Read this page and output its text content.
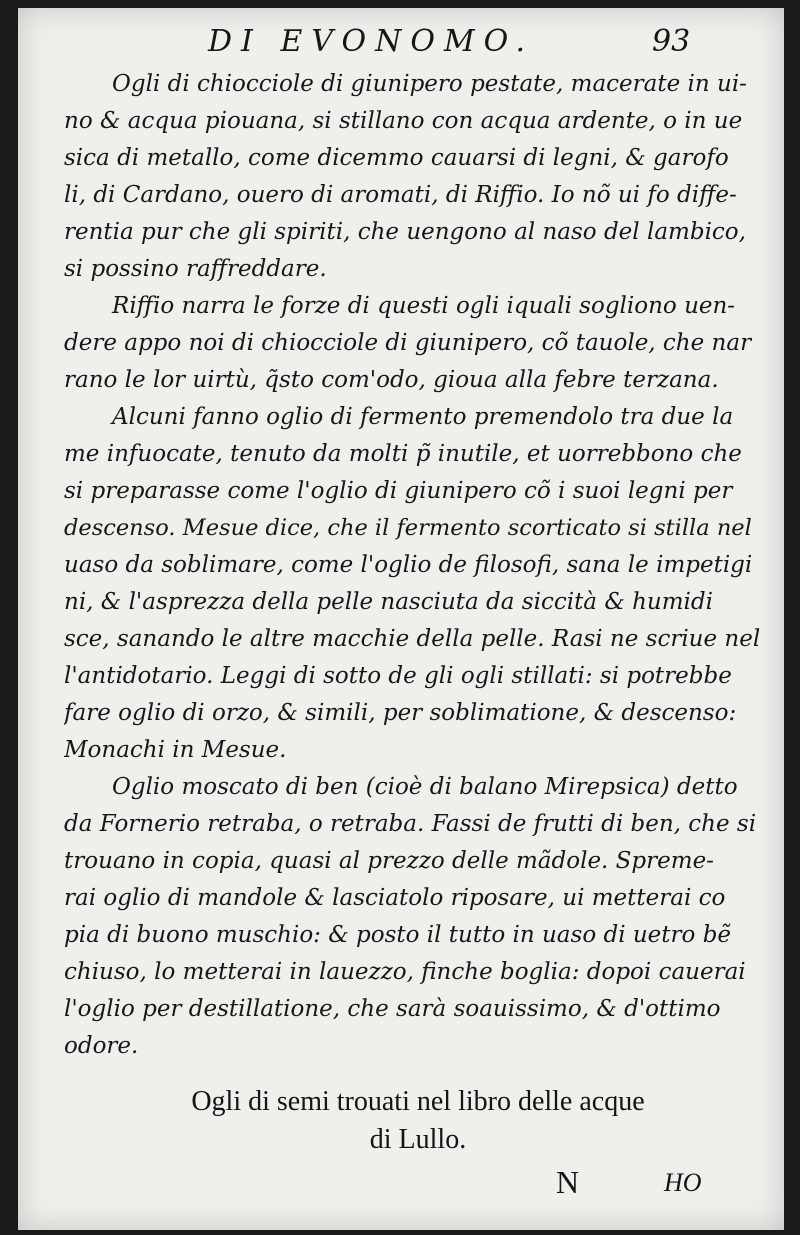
DI EVONOMO.	93
Ogli di chiocciole di giunipero pestate, macerate in ui-
no & acqua piouana, si stillano con acqua ardente, o in ue
sica di metallo, come dicemmo cauarsi di legni, & garofo
li, di Cardano, ouero di aromati, di Riffio. Io nõ ui fo diffe-
rentia pur che gli spiriti, che uengono al naso del lambico,
si possino raffreddare.
Riffio narra le forze di questi ogli iquali sogliono uen-
dere appo noi di chiocciole di giunipero, cõ tauole, che nar
rano le lor uirtù, q̃sto com'odo, gioua alla febre terzana.
Alcuni fanno oglio di fermento premendolo tra due la
me infuocate, tenuto da molti p̃ inutile, et uorrebbono che
si preparasse come l'oglio di giunipero cõ i suoi legni per
descenso. Mesue dice, che il fermento scorticato si stilla nel
uaso da soblimare, come l'oglio de filosofi, sana le impetigi
ni, & l'asprezza della pelle nasciuta da siccità & humidi
sce, sanando le altre macchie della pelle. Rasi ne scriue nel
l'antidotario. Leggi di sotto de gli ogli stillati: si potrebbe
fare oglio di orzo, & simili, per soblimatione, & descenso:
Monachi in Mesue.
Oglio moscato di ben (cioè di balano Mirepsica) detto
da Fornerio retraba, o retraba. Fassi de frutti di ben, che si
trouano in copia, quasi al prezzo delle mãdole. Spreme-
rai oglio di mandole & lasciatolo riposare, ui metterai co
pia di buono muschio: & posto il tutto in uaso di uetro bẽ
chiuso, lo metterai in lauezzo, finche boglia: dopoi cauerai
l'oglio per destillatione, che sarà soauissimo, & d'ottimo
odore.
Ogli di semi trouati nel libro delle acque
di Lullo.
N	HO
